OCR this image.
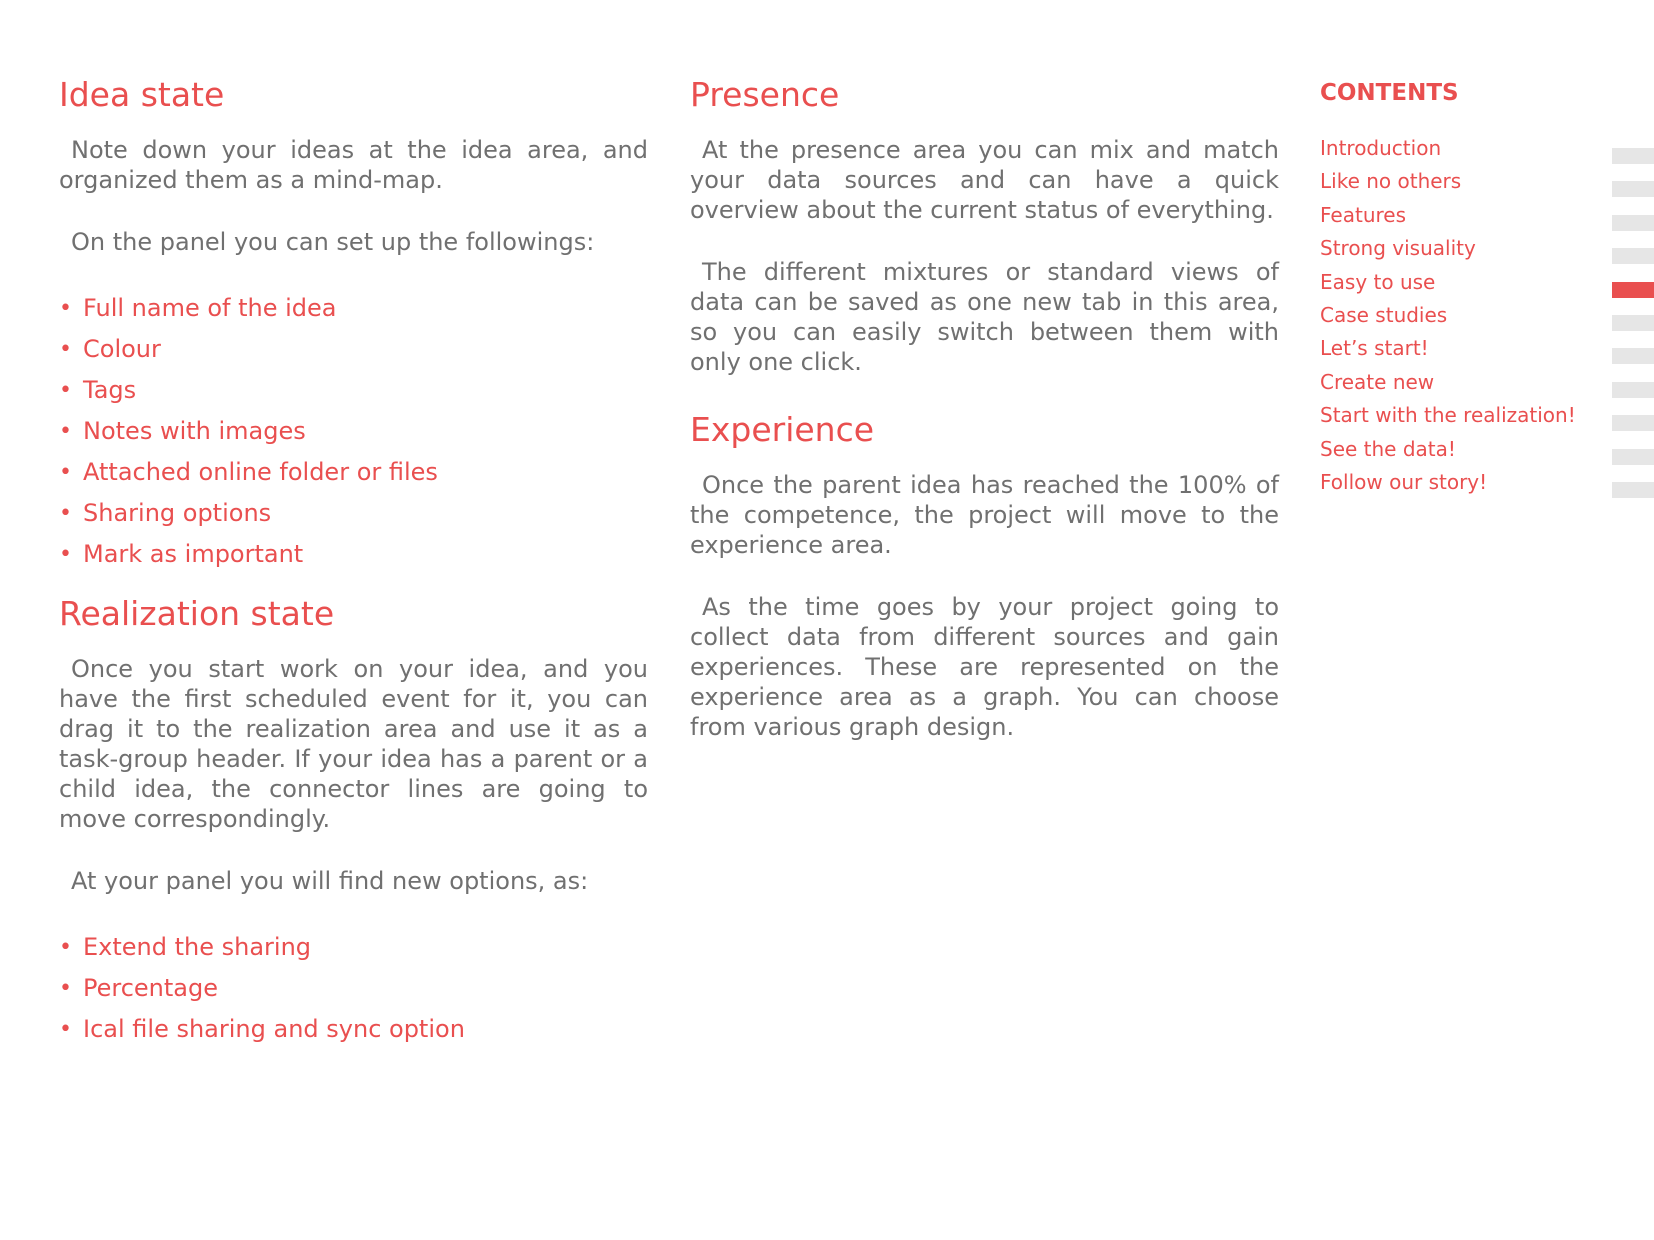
Idea state

Note down your ideas at the idea area, and organized them as a mind-map.

On the panel you can set up the followings:

• Full name of the idea
• Colour
• Tags
• Notes with images
• Attached online folder or files
• Sharing options
• Mark as important
Realization state

Once you start work on your idea, and you have the first scheduled event for it, you can drag it to the realization area and use it as a task-group header. If your idea has a parent or a child idea, the connector lines are going to move correspondingly.

At your panel you will find new options, as:

• Extend the sharing
• Percentage
• Ical file sharing and sync option
Presence

At the presence area you can mix and match your data sources and can have a quick overview about the current status of everything.

The different mixtures or standard views of data can be saved as one new tab in this area, so you can easily switch between them with only one click.

Experience

Once the parent idea has reached the 100% of the competence, the project will move to the experience area.

As the time goes by your project going to collect data from different sources and gain experiences. These are represented on the experience area as a graph. You can choose from various graph design.

CONTENTS
Introduction
Like no others
Features
Strong visuality
Easy to use
Case studies
Let’s start!
Create new
Start with the realization!
See the data!
Follow our story!
